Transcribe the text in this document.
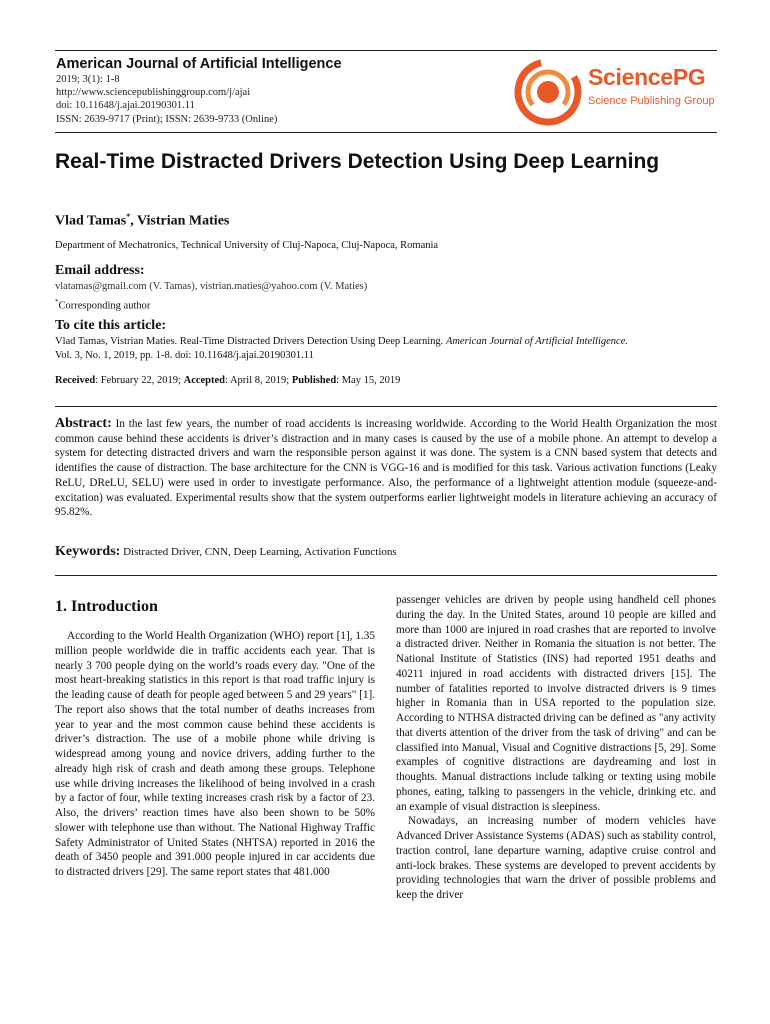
American Journal of Artificial Intelligence
2019; 3(1): 1-8
http://www.sciencepublishinggroup.com/j/ajai
doi: 10.11648/j.ajai.20190301.11
ISSN: 2639-9717 (Print); ISSN: 2639-9733 (Online)
SciencePG
Science Publishing Group
Real-Time Distracted Drivers Detection Using Deep Learning
Vlad Tamas*, Vistrian Maties
Department of Mechatronics, Technical University of Cluj-Napoca, Cluj-Napoca, Romania
Email address:
vlatamas@gmail.com (V. Tamas), vistrian.maties@yahoo.com (V. Maties)
*Corresponding author
To cite this article:
Vlad Tamas, Vistrian Maties. Real-Time Distracted Drivers Detection Using Deep Learning. American Journal of Artificial Intelligence.
Vol. 3, No. 1, 2019, pp. 1-8. doi: 10.11648/j.ajai.20190301.11
Received: February 22, 2019; Accepted: April 8, 2019; Published: May 15, 2019
Abstract: In the last few years, the number of road accidents is increasing worldwide. According to the World Health Organization the most common cause behind these accidents is driver’s distraction and in many cases is caused by the use of a mobile phone. An attempt to develop a system for detecting distracted drivers and warn the responsible person against it was done. The system is a CNN based system that detects and identifies the cause of distraction. The base architecture for the CNN is VGG-16 and is modified for this task. Various activation functions (Leaky ReLU, DReLU, SELU) were used in order to investigate performance. Also, the performance of a lightweight attention module (squeeze-and-excitation) was evaluated. Experimental results show that the system outperforms earlier lightweight models in literature achieving an accuracy of 95.82%.
Keywords: Distracted Driver, CNN, Deep Learning, Activation Functions
1. Introduction

According to the World Health Organization (WHO) report [1], 1.35 million people worldwide die in traffic accidents each year. That is nearly 3 700 people dying on the world’s roads every day. "One of the most heart-breaking statistics in this report is that road traffic injury is the leading cause of death for people aged between 5 and 29 years" [1]. The report also shows that the total number of deaths increases from year to year and the most common cause behind these accidents is driver’s distraction. The use of a mobile phone while driving is widespread among young and novice drivers, adding further to the already high risk of crash and death among these groups. Telephone use while driving increases the likelihood of being involved in a crash by a factor of four, while texting increases crash risk by a factor of 23. Also, the drivers’ reaction times have also been shown to be 50% slower with telephone use than without. The National Highway Traffic Safety Administrator of United States (NHTSA) reported in 2016 the death of 3450 people and 391.000 people injured in car accidents due to distracted drivers [29]. The same report states that 481.000

passenger vehicles are driven by people using handheld cell phones during the day. In the United States, around 10 people are killed and more than 1000 are injured in road crashes that are reported to involve a distracted driver. Neither in Romania the situation is not better. The National Institute of Statistics (INS) had reported 1951 deaths and 40211 injured in road accidents with distracted drivers [15]. The number of fatalities reported to involve distracted drivers is 9 times higher in Romania than in USA reported to the population size. According to NTHSA distracted driving can be defined as "any activity that diverts attention of the driver from the task of driving" and can be classified into Manual, Visual and Cognitive distractions [5, 29]. Some examples of cognitive distractions are daydreaming and lost in thoughts. Manual distractions include talking or texting using mobile phones, eating, talking to passengers in the vehicle, drinking etc. and an example of visual distraction is sleepiness.

Nowadays, an increasing number of modern vehicles have Advanced Driver Assistance Systems (ADAS) such as stability control, traction control, lane departure warning, adaptive cruise control and anti-lock brakes. These systems are developed to prevent accidents by providing technologies that warn the driver of possible problems and keep the driver
